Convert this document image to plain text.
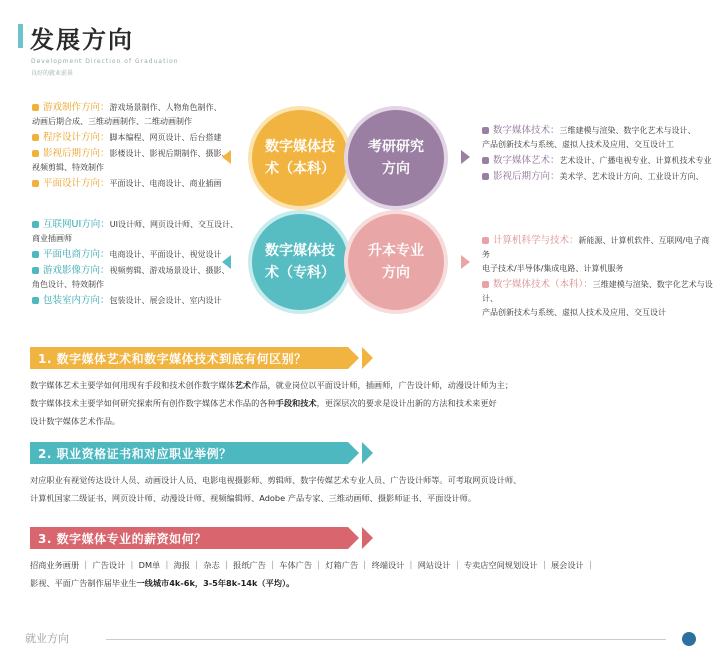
发展方向
Development Direction of Graduation
良好的就业前景
游戏制作方向：游戏场景制作、人物角色制作、
动画后期合成、三维动画制作、二维动画制作
程序设计方向：脚本编程、网页设计、后台搭建
影视后期方向：影楼设计、影视后期制作、摄影、
视频剪辑、特效制作
平面设计方向：平面设计、电商设计、商业插画
互联网UI方向：UI设计师、网页设计师、交互设计、
商业插画师
平面电商方向：电商设计、平面设计、视觉设计
游戏影像方向：视频剪辑、游戏场景设计、摄影、
角色设计、特效制作
包装室内方向：包装设计、展会设计、室内设计
数字媒体技术：三维建模与渲染、数字化艺术与设计、
产品创新技术与系统、虚拟人技术及应用、交互设计工
数字媒体艺术：艺术设计、广播电视专业、计算机技术专业
影视后期方向：美术学、艺术设计方向、工业设计方向、
计算机科学与技术：新能源、计算机软件、互联网/电子商务
电子技术/半导体/集成电路、计算机服务
数字媒体技术（本科）：三维建模与渲染、数字化艺术与设计、
产品创新技术与系统、虚拟人技术及应用、交互设计
数字媒体技术（本科）
考研研究方向
数字媒体技术（专科）
升本专业方向
1. 数字媒体艺术和数字媒体技术到底有何区别？
数字媒体艺术主要学如何用现有手段和技术创作数字媒体艺术作品，就业岗位以平面设计师，插画师，广告设计师，动漫设计师为主；
数字媒体技术主要学如何研究探索所有创作数字媒体艺术作品的各种手段和技术，更深层次的要求是设计出新的方法和技术来更好
设计数字媒体艺术作品。
2. 职业资格证书和对应职业举例？
对应职业有视觉传达设计人员、动画设计人员、电影电视摄影师、剪辑师、数字传媒艺术专业人员、广告设计师等。可考取网页设计师、
计算机国家二级证书、网页设计师、动漫设计师、视频编辑师、Adobe 产品专家、三维动画师、摄影师证书、平面设计师。
3. 数字媒体专业的薪资如何？
招商业务画册 ｜ 广告设计 ｜ DM单 ｜ 海报 ｜ 杂志 ｜ 报纸广告 ｜ 车体广告 ｜ 灯箱广告 ｜ 终端设计 ｜ 网站设计 ｜ 专卖店空间规划设计 ｜ 展会设计 ｜
影视、平面广告制作届毕业生一线城市4k-6k，3-5年8k-14k（平均）。
就业方向
